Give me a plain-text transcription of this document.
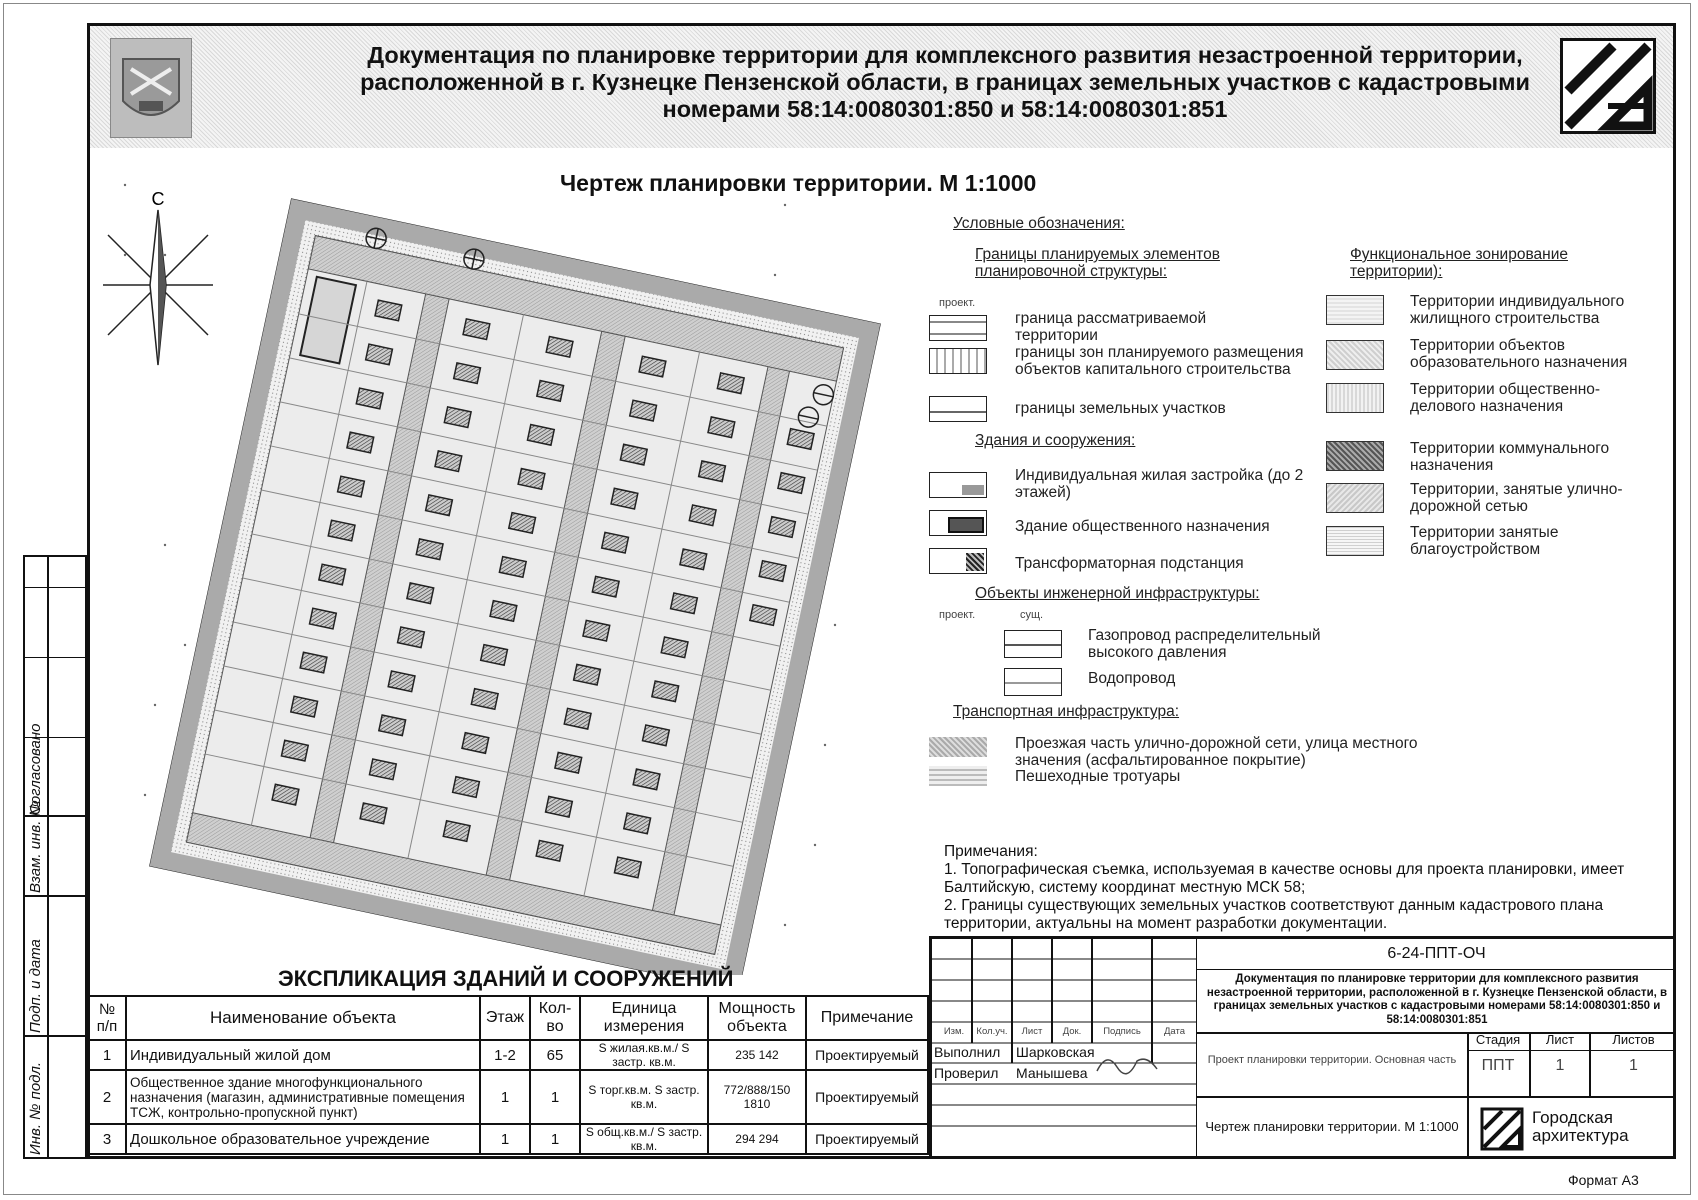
Документация по планировке территории для комплексного развития незастроенной территории, расположенной в г. Кузнецке Пензенской области, в границах земельных участков с кадастровыми номерами 58:14:0080301:850 и 58:14:0080301:851
Чертеж планировки территории. М 1:1000
С
Условные обозначения:
Границы планируемых элементов планировочной структуры:
проект.
граница рассматриваемой территории
границы зон планируемого размещения объектов капитального строительства
границы земельных участков
Здания и сооружения:
Индивидуальная жилая застройка (до 2 этажей)
Здание общественного назначения
Трансформаторная подстанция
Объекты инженерной инфраструктуры:
проект.	сущ.
Газопровод распределительный высокого давления
Водопровод
Транспортная инфраструктура:
Проезжая часть улично-дорожной сети, улица местного значения (асфальтированное покрытие)
Пешеходные тротуары
Функциональное зонирование территории):
Территории индивидуального жилищного строительства
Территории объектов образовательного назначения
Территории общественно-делового назначения
Территории коммунального назначения
Территории, занятые улично-дорожной сетью
Территории занятые благоустройством
Примечания:
1. Топографическая съемка, используемая в качестве основы для проекта планировки, имеет Балтийскую, систему координат местную МСК 58;
2. Границы существующих земельных участков соответствуют данным кадастрового плана территории, актуальны на момент разработки документации.
ЭКСПЛИКАЦИЯ ЗДАНИЙ И СООРУЖЕНИЙ
№ п/п	Наименование объекта	Этаж	Кол-во	Единица измерения	Мощность объекта	Примечание
1	Индивидуальный жилой дом	1-2	65	S жилая.кв.м./ S застр. кв.м.	235 142	Проектируемый
2	Общественное здание многофункционального назначения (магазин, административные помещения ТСЖ, контрольно-пропускной пункт)	1	1	S торг.кв.м. S застр. кв.м.	772/888/150 1810	Проектируемый
3	Дошкольное образовательное учреждение	1	1	S общ.кв.м./ S застр. кв.м.	294 294	Проектируемый
Изм.	Кол.уч.	Лист	Док.	Подпись	Дата
Выполнил Шарковская
Проверил Манышева
6-24-ППТ-ОЧ
Документация по планировке территории для комплексного развития незастроенной территории, расположенной в г. Кузнецке Пензенской области, в границах земельных участков с кадастровыми номерами 58:14:0080301:850 и 58:14:0080301:851
Проект планировки территории. Основная часть
Стадия	Лист	Листов
ППТ	1	1
Чертеж планировки территории. М 1:1000	Городская архитектура
Согласовано
Взам. инв. №
Подп. и дата
Инв. № подл.
Формат А3
